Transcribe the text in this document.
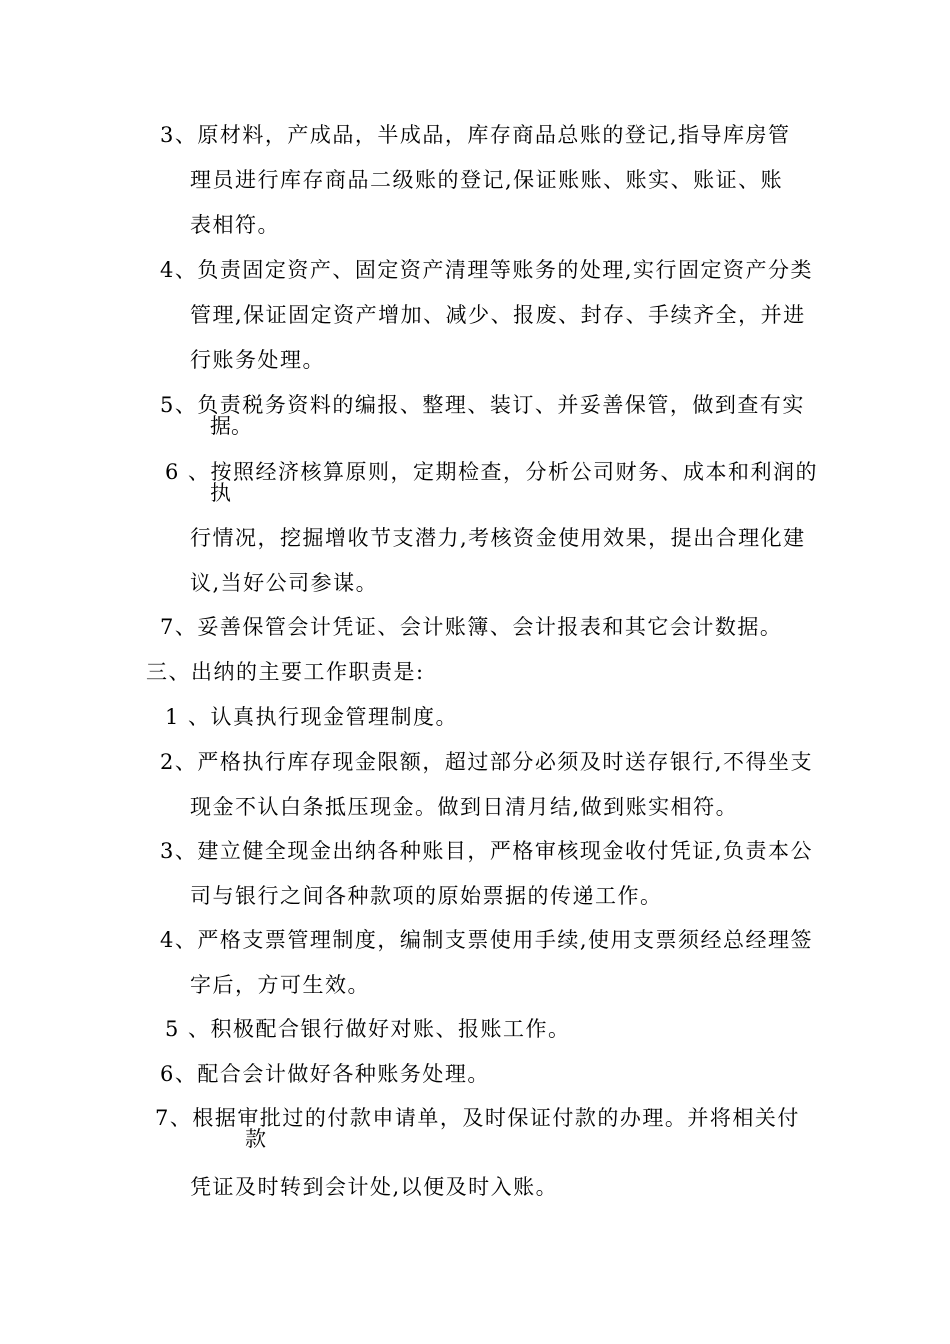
3、原材料，产成品，半成品，库存商品总账的登记,指导库房管
理员进行库存商品二级账的登记,保证账账、账实、账证、账
表相符。
4、负责固定资产、固定资产清理等账务的处理,实行固定资产分类
管理,保证固定资产增加、减少、报废、封存、手续齐全，并进
行账务处理。
5、负责税务资料的编报、整理、装订、并妥善保管，做到查有实
据。
6 、按照经济核算原则，定期检查，分析公司财务、成本和利润的
执
行情况，挖掘增收节支潜力,考核资金使用效果，提出合理化建
议,当好公司参谋。
7、妥善保管会计凭证、会计账簿、会计报表和其它会计数据。
三、出纳的主要工作职责是:
1 、认真执行现金管理制度。
2、严格执行库存现金限额，超过部分必须及时送存银行,不得坐支
现金不认白条抵压现金。做到日清月结,做到账实相符。
3、建立健全现金出纳各种账目，严格审核现金收付凭证,负责本公
司与银行之间各种款项的原始票据的传递工作。
4、严格支票管理制度，编制支票使用手续,使用支票须经总经理签
字后，方可生效。
5 、积极配合银行做好对账、报账工作。
6、配合会计做好各种账务处理。
7、根据审批过的付款申请单，及时保证付款的办理。并将相关付
款
凭证及时转到会计处,以便及时入账。
